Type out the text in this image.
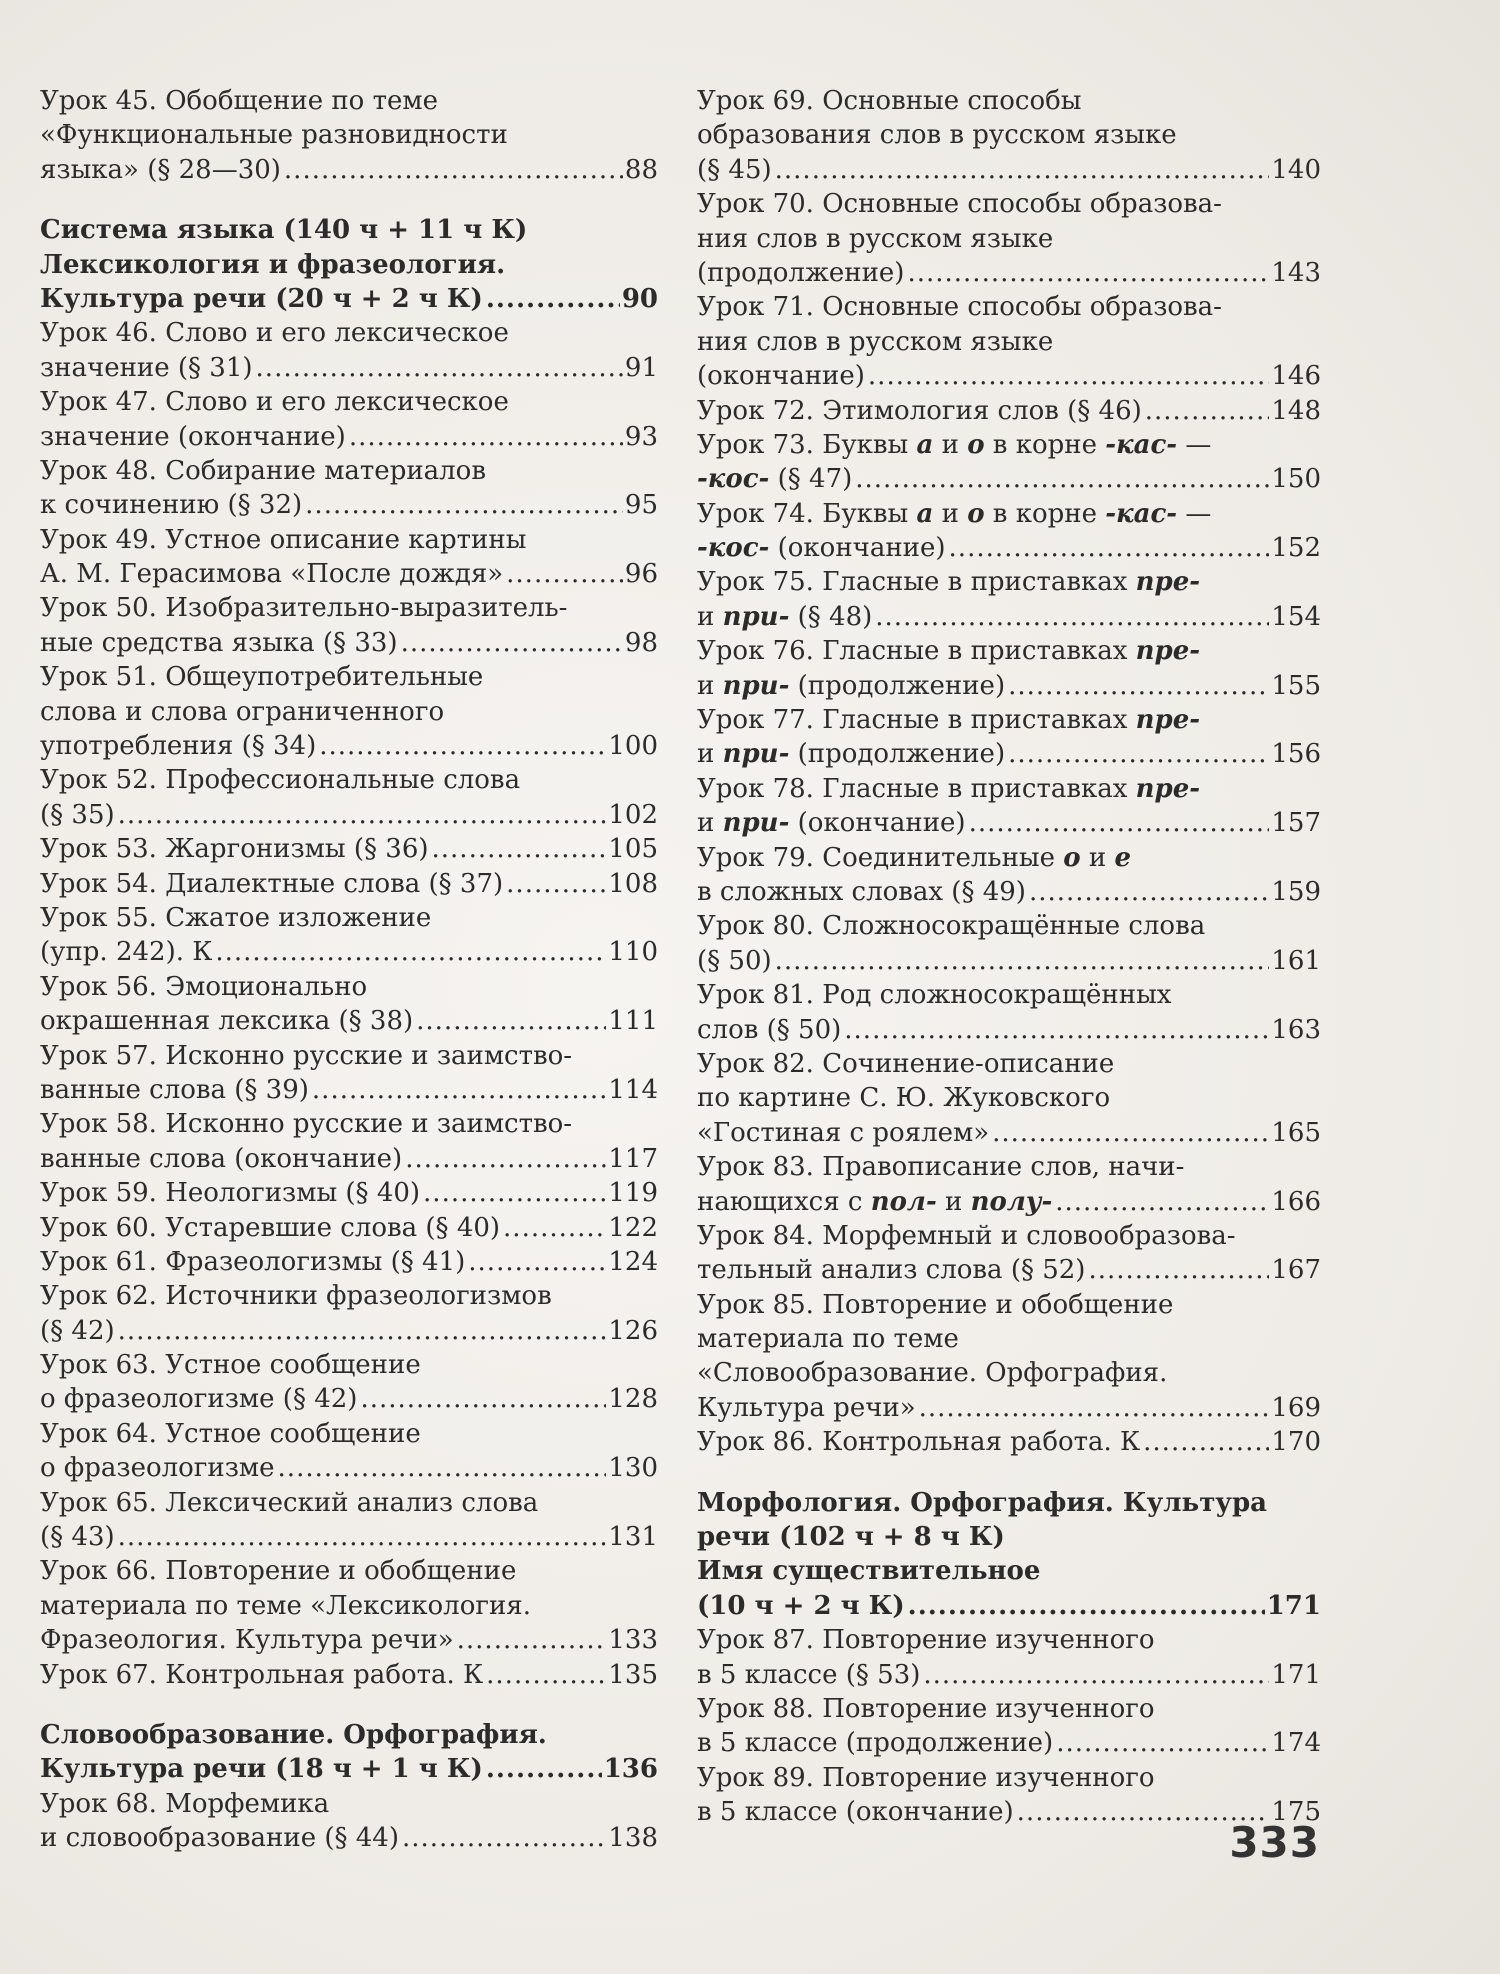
Урок 45. Обобщение по теме
«Функциональные разновидности
языка» (§ 28—30) .....	88
Система языка (140 ч + 11 ч К)
Лексикология и фразеология.
Культура речи (20 ч + 2 ч К) .....	90
Урок 46. Слово и его лексическое
значение (§ 31) .....	91
Урок 47. Слово и его лексическое
значение (окончание) .....	93
Урок 48. Собирание материалов
к сочинению (§ 32) .....	95
Урок 49. Устное описание картины
А. М. Герасимова «После дождя» .....	96
Урок 50. Изобразительно-выразитель-
ные средства языка (§ 33) .....	98
Урок 51. Общеупотребительные
слова и слова ограниченного
употребления (§ 34) .....	100
Урок 52. Профессиональные слова
(§ 35) .....	102
Урок 53. Жаргонизмы (§ 36) .....	105
Урок 54. Диалектные слова (§ 37) .....	108
Урок 55. Сжатое изложение
(упр. 242). К .....	110
Урок 56. Эмоционально
окрашенная лексика (§ 38) .....	111
Урок 57. Исконно русские и заимство-
ванные слова (§ 39) .....	114
Урок 58. Исконно русские и заимство-
ванные слова (окончание) .....	117
Урок 59. Неологизмы (§ 40) .....	119
Урок 60. Устаревшие слова (§ 40) .....	122
Урок 61. Фразеологизмы (§ 41) .....	124
Урок 62. Источники фразеологизмов
(§ 42) .....	126
Урок 63. Устное сообщение
о фразеологизме (§ 42) .....	128
Урок 64. Устное сообщение
о фразеологизме .....	130
Урок 65. Лексический анализ слова
(§ 43) .....	131
Урок 66. Повторение и обобщение
материала по теме «Лексикология.
Фразеология. Культура речи» .....	133
Урок 67. Контрольная работа. К .....	135
Словообразование. Орфография.
Культура речи (18 ч + 1 ч К) .....	136
Урок 68. Морфемика
и словообразование (§ 44) .....	138
Урок 69. Основные способы
образования слов в русском языке
(§ 45) .....	140
Урок 70. Основные способы образова-
ния слов в русском языке
(продолжение) .....	143
Урок 71. Основные способы образова-
ния слов в русском языке
(окончание) .....	146
Урок 72. Этимология слов (§ 46) .....	148
Урок 73. Буквы а и о в корне -кас- —
-кос- (§ 47) .....	150
Урок 74. Буквы а и о в корне -кас- —
-кос- (окончание) .....	152
Урок 75. Гласные в приставках пре-
и при- (§ 48) .....	154
Урок 76. Гласные в приставках пре-
и при- (продолжение) .....	155
Урок 77. Гласные в приставках пре-
и при- (продолжение) .....	156
Урок 78. Гласные в приставках пре-
и при- (окончание) .....	157
Урок 79. Соединительные о и е
в сложных словах (§ 49) .....	159
Урок 80. Сложносокращённые слова
(§ 50) .....	161
Урок 81. Род сложносокращённых
слов (§ 50) .....	163
Урок 82. Сочинение-описание
по картине С. Ю. Жуковского
«Гостиная с роялем» .....	165
Урок 83. Правописание слов, начи-
нающихся с пол- и полу- .....	166
Урок 84. Морфемный и словообразова-
тельный анализ слова (§ 52) .....	167
Урок 85. Повторение и обобщение
материала по теме
«Словообразование. Орфография.
Культура речи» .....	169
Урок 86. Контрольная работа. К .....	170
Морфология. Орфография. Культура
речи (102 ч + 8 ч К)
Имя существительное
(10 ч + 2 ч К) .....	171
Урок 87. Повторение изученного
в 5 классе (§ 53) .....	171
Урок 88. Повторение изученного
в 5 классе (продолжение) .....	174
Урок 89. Повторение изученного
в 5 классе (окончание) .....	175
333
